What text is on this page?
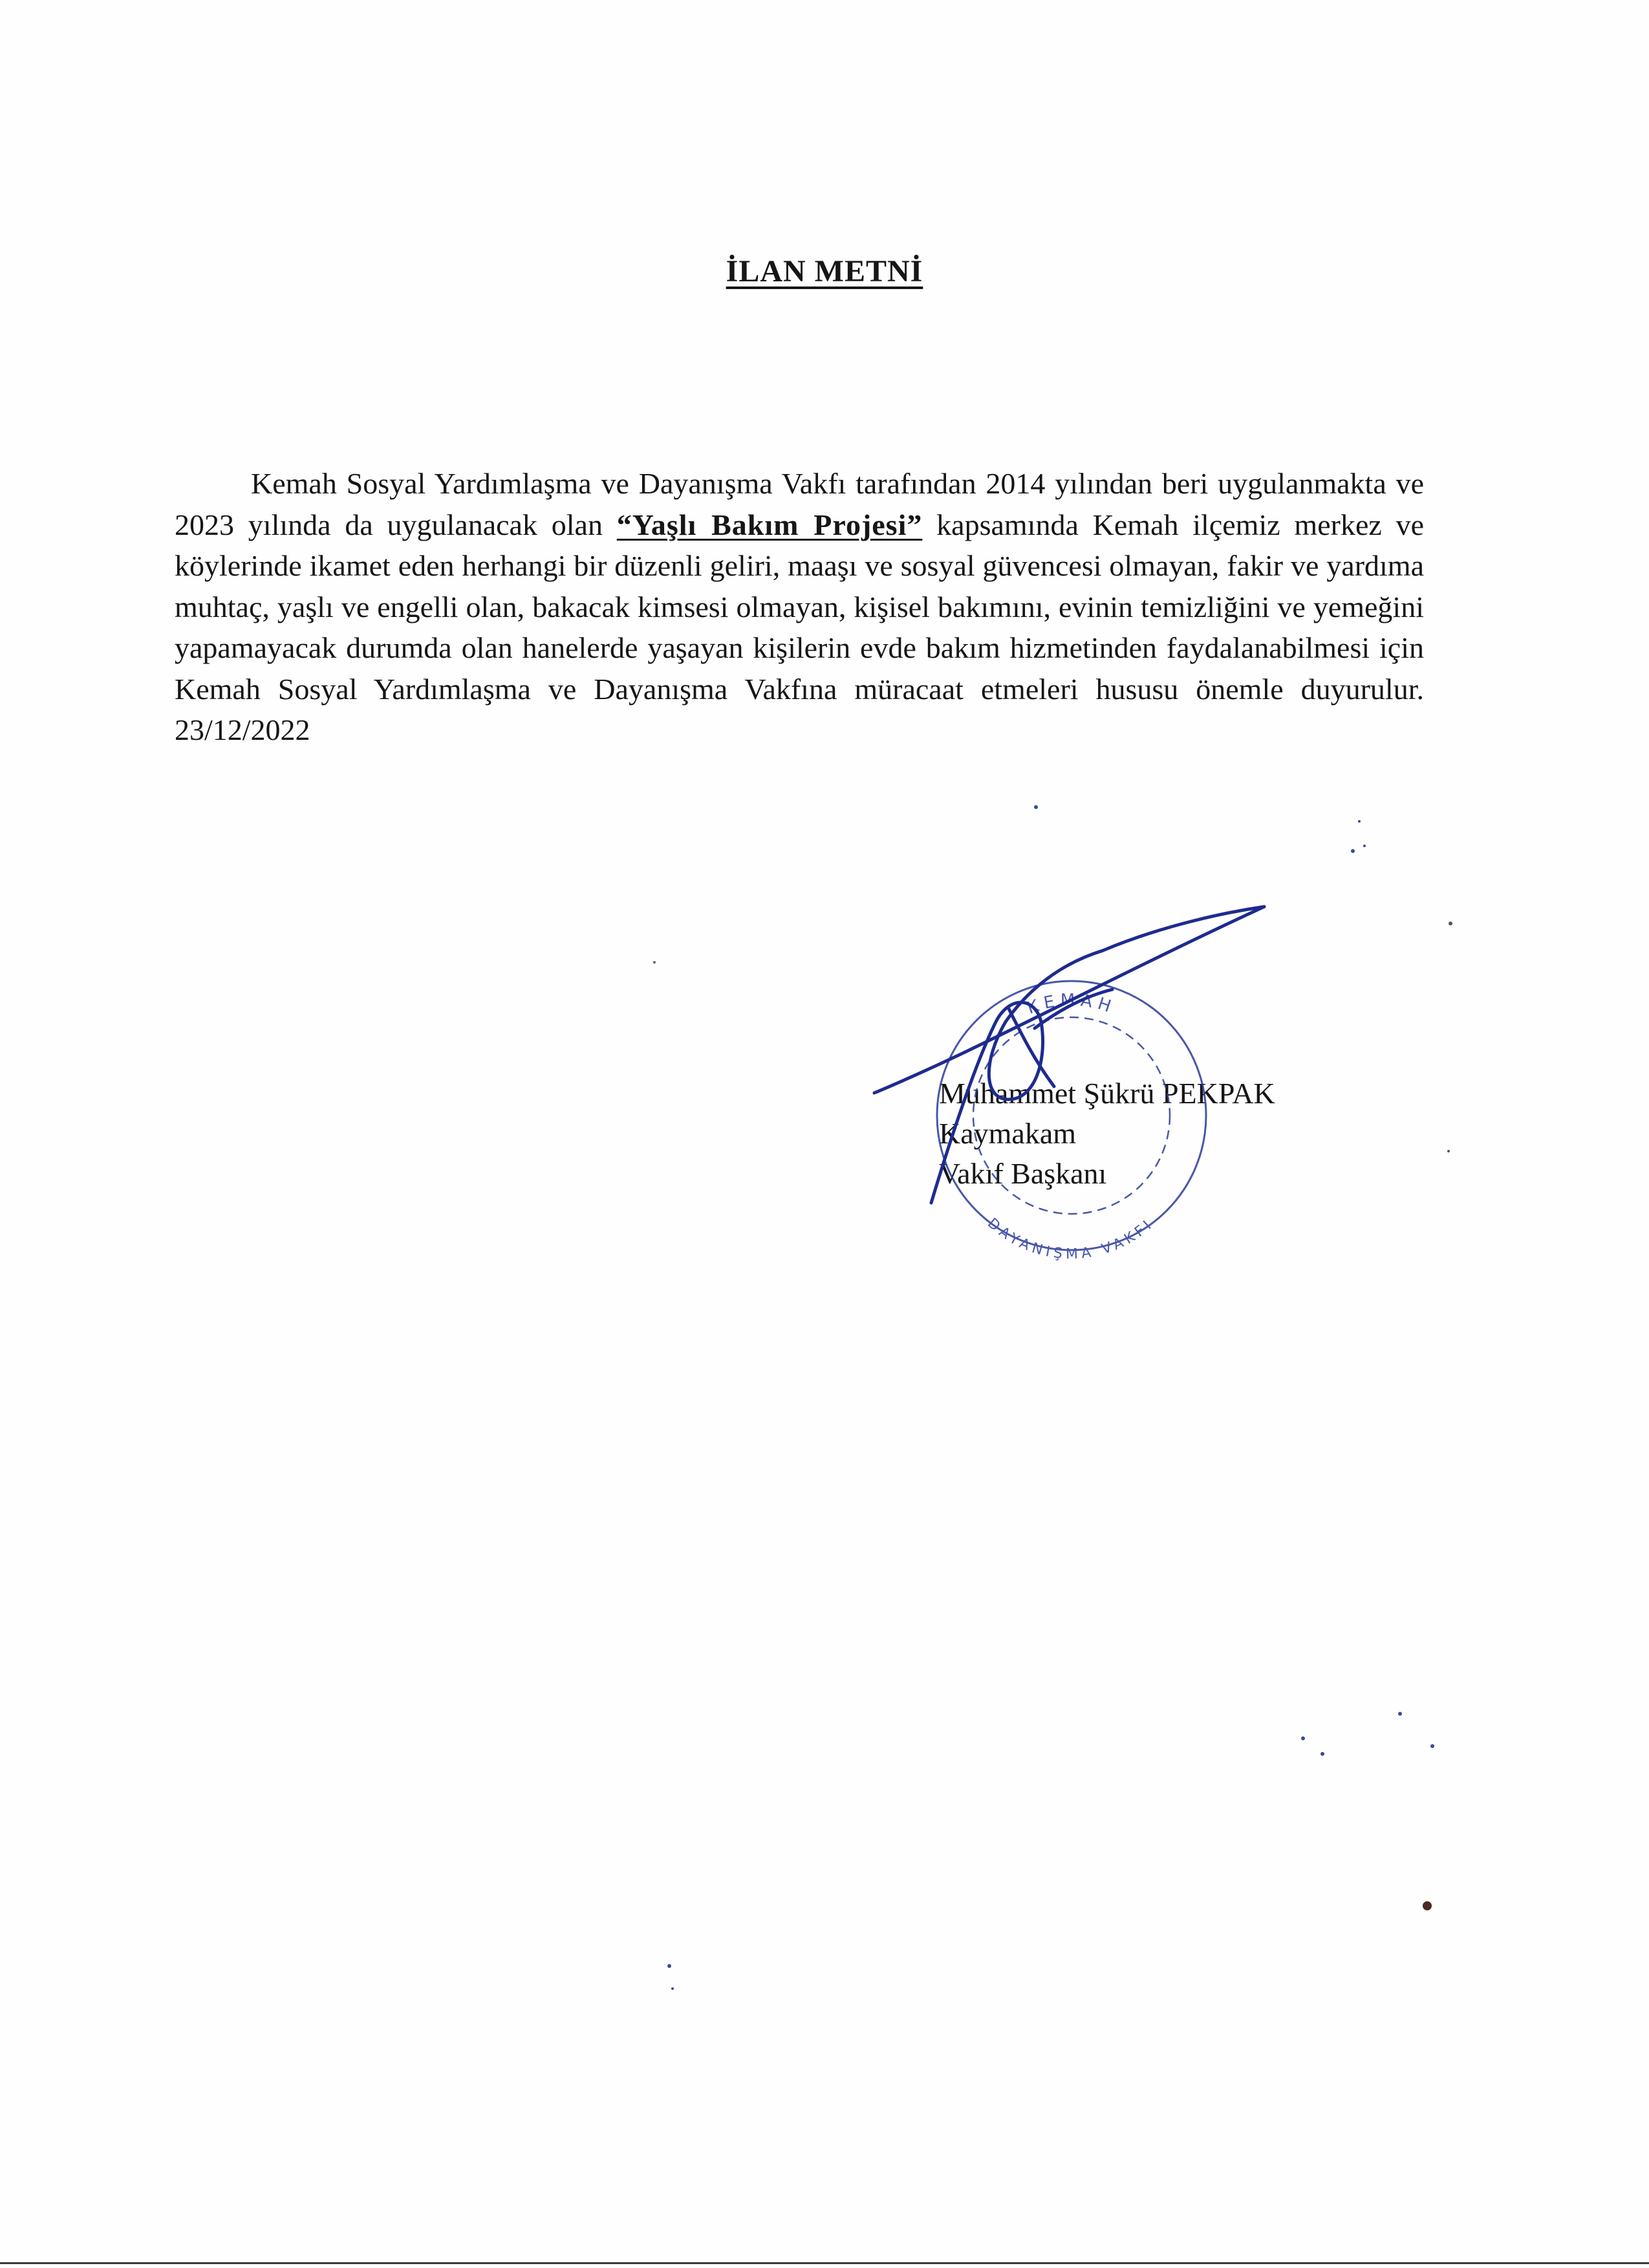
İLAN METNİ

Kemah Sosyal Yardımlaşma ve Dayanışma Vakfı tarafından 2014 yılından beri uygulanmakta ve 2023 yılında da uygulanacak olan “Yaşlı Bakım Projesi” kapsamında Kemah ilçemiz merkez ve köylerinde ikamet eden herhangi bir düzenli geliri, maaşı ve sosyal güvencesi olmayan, fakir ve yardıma muhtaç, yaşlı ve engelli olan, bakacak kimsesi olmayan, kişisel bakımını, evinin temizliğini ve yemeğini yapamayacak durumda olan hanelerde yaşayan kişilerin evde bakım hizmetinden faydalanabilmesi için Kemah Sosyal Yardımlaşma ve Dayanışma Vakfına müracaat etmeleri hususu önemle duyurulur. 23/12/2022

Muhammet Şükrü PEKPAK
Kaymakam
Vakıf Başkanı
KEMAH
DAYANIŞMA VAKFI
